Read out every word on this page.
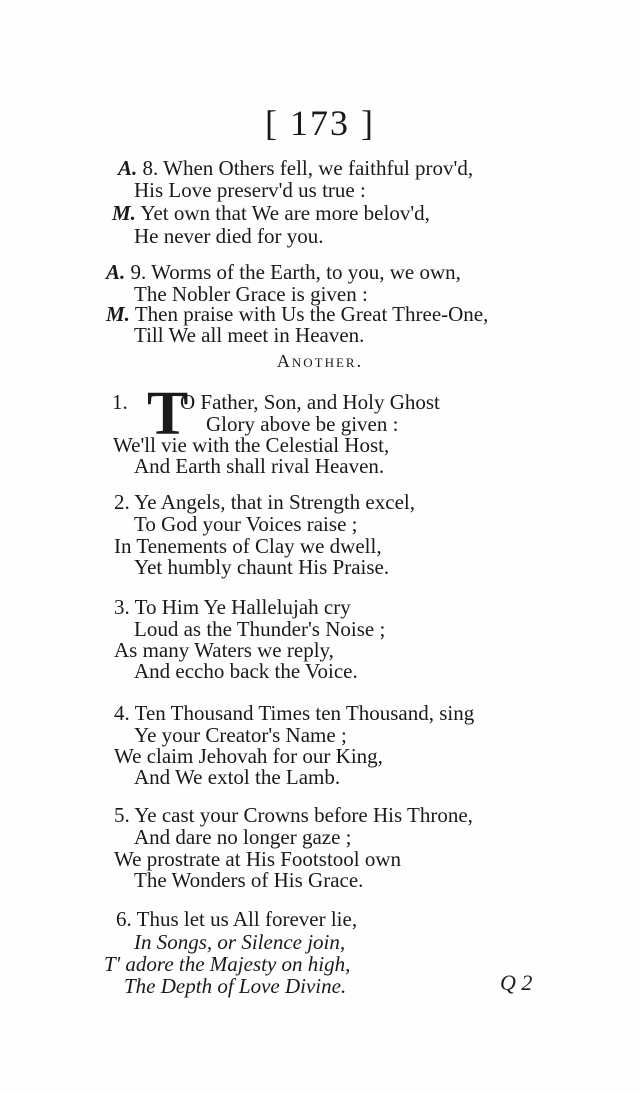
[ 173 ]
A. 8. When Others fell, we faithful prov'd,
His Love preserv'd us true :
M. Yet own that We are more belov'd,
He never died for you.
A. 9. Worms of the Earth, to you, we own,
The Nobler Grace is given :
M. Then praise with Us the Great Three-One,
Till We all meet in Heaven.
Another.
T
1. O Father, Son, and Holy Ghost
Glory above be given :
We'll vie with the Celestial Host,
And Earth shall rival Heaven.
2. Ye Angels, that in Strength excel,
To God your Voices raise ;
In Tenements of Clay we dwell,
Yet humbly chaunt His Praise.
3. To Him Ye Hallelujah cry
Loud as the Thunder's Noise ;
As many Waters we reply,
And eccho back the Voice.
4. Ten Thousand Times ten Thousand, sing
Ye your Creator's Name ;
We claim Jehovah for our King,
And We extol the Lamb.
5. Ye cast your Crowns before His Throne,
And dare no longer gaze ;
We prostrate at His Footstool own
The Wonders of His Grace.
6. Thus let us All forever lie,
In Songs, or Silence join,
T' adore the Majesty on high,
The Depth of Love Divine.	Q 2
